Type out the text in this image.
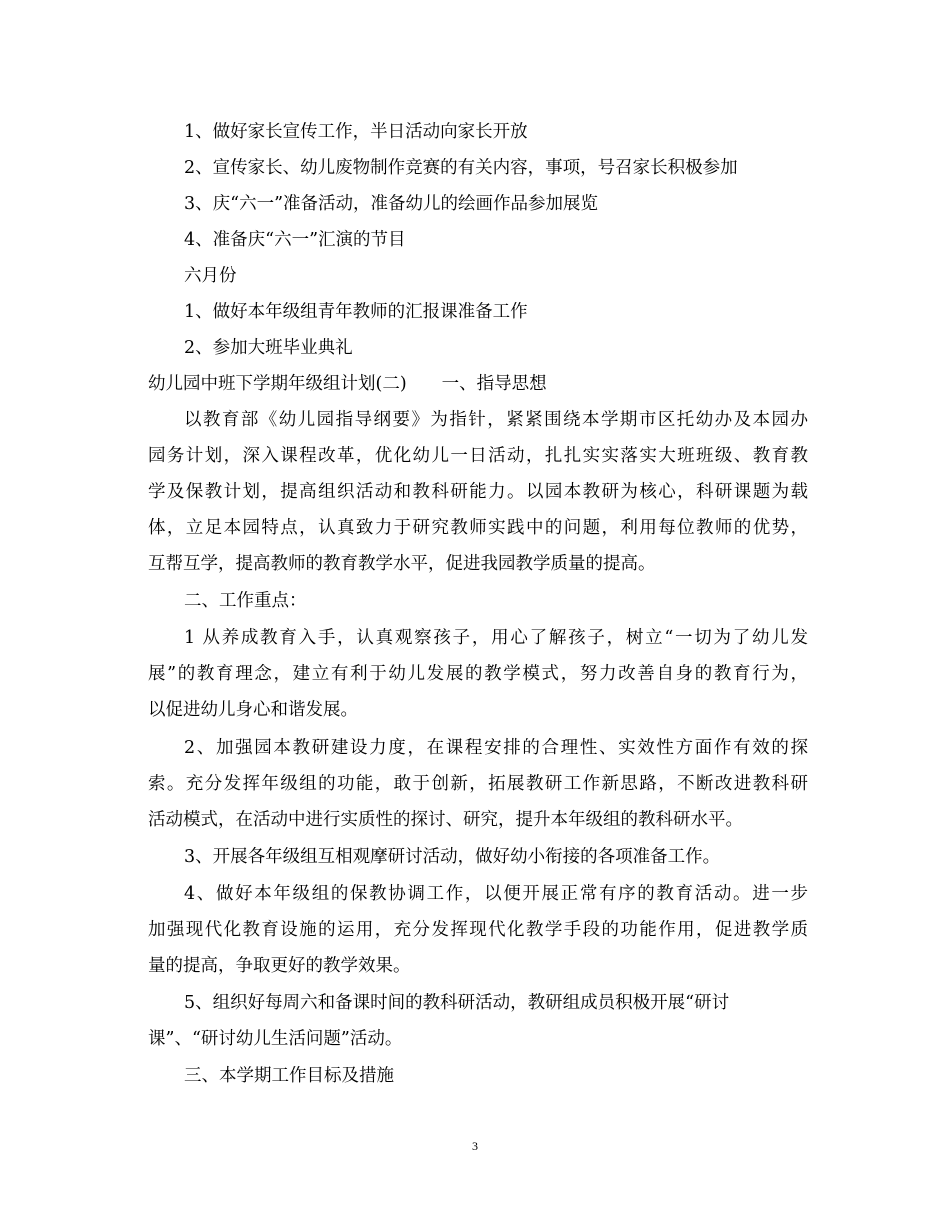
1、做好家长宣传工作，半日活动向家长开放
2、宣传家长、幼儿废物制作竞赛的有关内容，事项，号召家长积极参加
3、庆“六一”准备活动，准备幼儿的绘画作品参加展览
4、准备庆“六一”汇演的节目
六月份
1、做好本年级组青年教师的汇报课准备工作
2、参加大班毕业典礼
幼儿园中班下学期年级组计划(二)　　一、指导思想
以教育部《幼儿园指导纲要》为指针，紧紧围绕本学期市区托幼办及本园办
园务计划，深入课程改革，优化幼儿一日活动，扎扎实实落实大班班级、教育教
学及保教计划，提高组织活动和教科研能力。以园本教研为核心，科研课题为载
体，立足本园特点，认真致力于研究教师实践中的问题，利用每位教师的优势，
互帮互学，提高教师的教育教学水平，促进我园教学质量的提高。
二、工作重点：
1 从养成教育入手，认真观察孩子，用心了解孩子，树立“一切为了幼儿发
展”的教育理念，建立有利于幼儿发展的教学模式，努力改善自身的教育行为，
以促进幼儿身心和谐发展。
2、加强园本教研建设力度，在课程安排的合理性、实效性方面作有效的探
索。充分发挥年级组的功能，敢于创新，拓展教研工作新思路，不断改进教科研
活动模式，在活动中进行实质性的探讨、研究，提升本年级组的教科研水平。
3、开展各年级组互相观摩研讨活动，做好幼小衔接的各项准备工作。
4、做好本年级组的保教协调工作，以便开展正常有序的教育活动。进一步
加强现代化教育设施的运用，充分发挥现代化教学手段的功能作用，促进教学质
量的提高，争取更好的教学效果。
5、组织好每周六和备课时间的教科研活动，教研组成员积极开展“研讨
课”、“研讨幼儿生活问题”活动。
三、本学期工作目标及措施
3
